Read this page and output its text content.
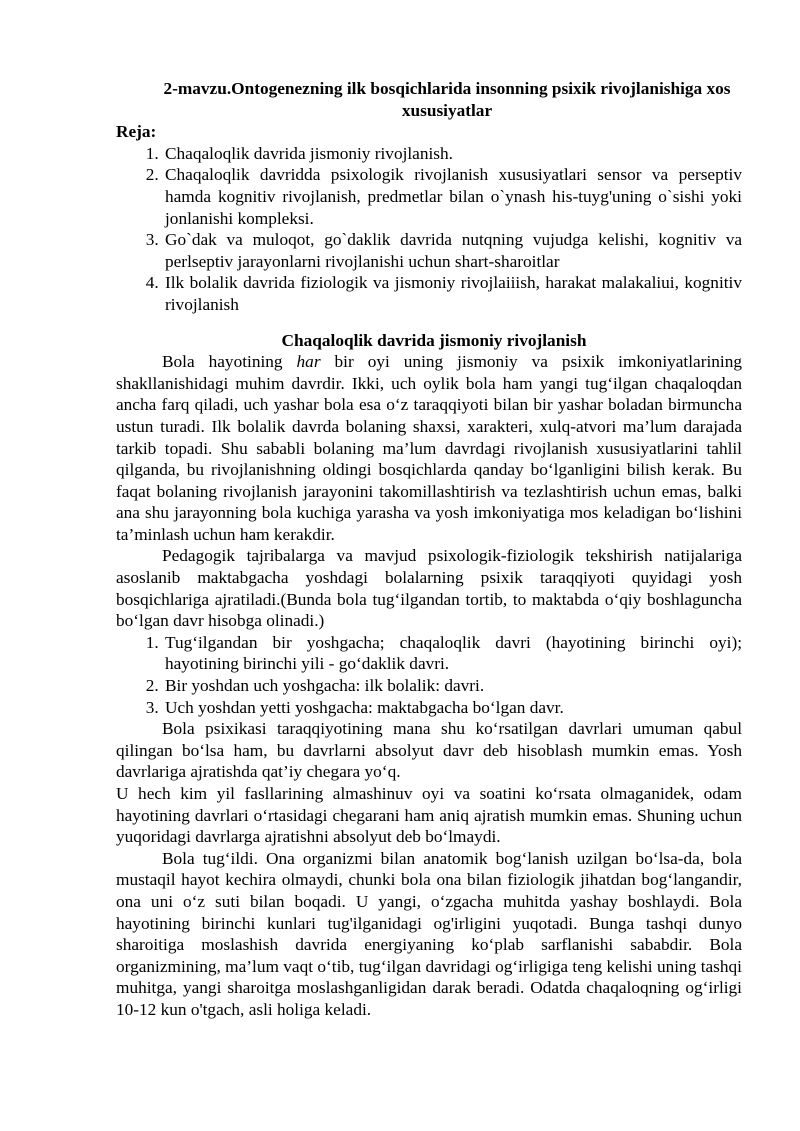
2-mavzu.Ontogenezning ilk bosqichlarida insonning psixik rivojlanishiga xos xususiyatlar

Reja:

1. Chaqaloqlik davrida jismoniy rivojlanish.
2. Chaqaloqlik davridda psixologik rivojlanish xususiyatlari sensor va perseptiv hamda kognitiv rivojlanish, predmetlar bilan o`ynash his-tuyg'uning o`sishi yoki jonlanishi kompleksi.
3. Go`dak va muloqot, go`daklik davrida nutqning vujudga kelishi, kognitiv va perlseptiv jarayonlarni rivojlanishi uchun shart-sharoitlar
4. Ilk bolalik davrida fiziologik va jismoniy rivojlaiiish, harakat malakaliui, kognitiv rivojlanish

Chaqaloqlik davrida jismoniy rivojlanish

Bola hayotining har bir oyi uning jismoniy va psixik imkoniyatlarining shakllanishidagi muhim davrdir. Ikki, uch oylik bola ham yangi tug‘ilgan chaqaloqdan ancha farq qiladi, uch yashar bola esa o‘z taraqqiyoti bilan bir yashar boladan birmuncha ustun turadi. Ilk bolalik davrda bolaning shaxsi, xarakteri, xulq-atvori ma’lum darajada tarkib topadi. Shu sababli bolaning ma’lum davrdagi rivojlanish xususiyatlarini tahlil qilganda, bu rivojlanishning oldingi bosqichlarda qanday bo‘lganligini bilish kerak. Bu faqat bolaning rivojlanish jarayonini takomillashtirish va tezlashtirish uchun emas, balki ana shu jarayonning bola kuchiga yarasha va yosh imkoniyatiga mos keladigan bo‘lishini ta’minlash uchun ham kerakdir.

Pedagogik tajribalarga va mavjud psixologik-fiziologik tekshirish natijalariga asoslanib maktabgacha yoshdagi bolalarning psixik taraqqiyoti quyidagi yosh bosqichlariga ajratiladi.(Bunda bola tug‘ilgandan tortib, to maktabda o‘qiy boshlaguncha bo‘lgan davr hisobga olinadi.)

1. Tug‘ilgandan bir yoshgacha; chaqaloqlik davri (hayotining birinchi oyi); hayotining birinchi yili - go‘daklik davri.
2. Bir yoshdan uch yoshgacha: ilk bolalik: davri.
3. Uch yoshdan yetti yoshgacha: maktabgacha bo‘lgan davr.

Bola psixikasi taraqqiyotining mana shu ko‘rsatilgan davrlari umuman qabul qilingan bo‘lsa ham, bu davrlarni absolyut davr deb hisoblash mumkin emas. Yosh davrlariga ajratishda qat’iy chegara yo‘q.

U hech kim yil fasllarining almashinuv oyi va soatini ko‘rsata olmaganidek, odam hayotining davrlari o‘rtasidagi chegarani ham aniq ajratish mumkin emas. Shuning uchun yuqoridagi davrlarga ajratishni absolyut deb bo‘lmaydi.

Bola tug‘ildi. Ona organizmi bilan anatomik bog‘lanish uzilgan bo‘lsa-da, bola mustaqil hayot kechira olmaydi, chunki bola ona bilan fiziologik jihatdan bog‘langandir, ona uni o‘z suti bilan boqadi. U yangi, o‘zgacha muhitda yashay boshlaydi. Bola hayotining birinchi kunlari tug'ilganidagi og'irligini yuqotadi. Bunga tashqi dunyo sharoitiga moslashish davrida energiyaning ko‘plab sarflanishi sababdir. Bola organizmining, ma’lum vaqt o‘tib, tug‘ilgan davridagi og‘irligiga teng kelishi uning tashqi muhitga, yangi sharoitga moslashganligidan darak beradi. Odatda chaqaloqning og‘irligi 10-12 kun o'tgach, asli holiga keladi.
